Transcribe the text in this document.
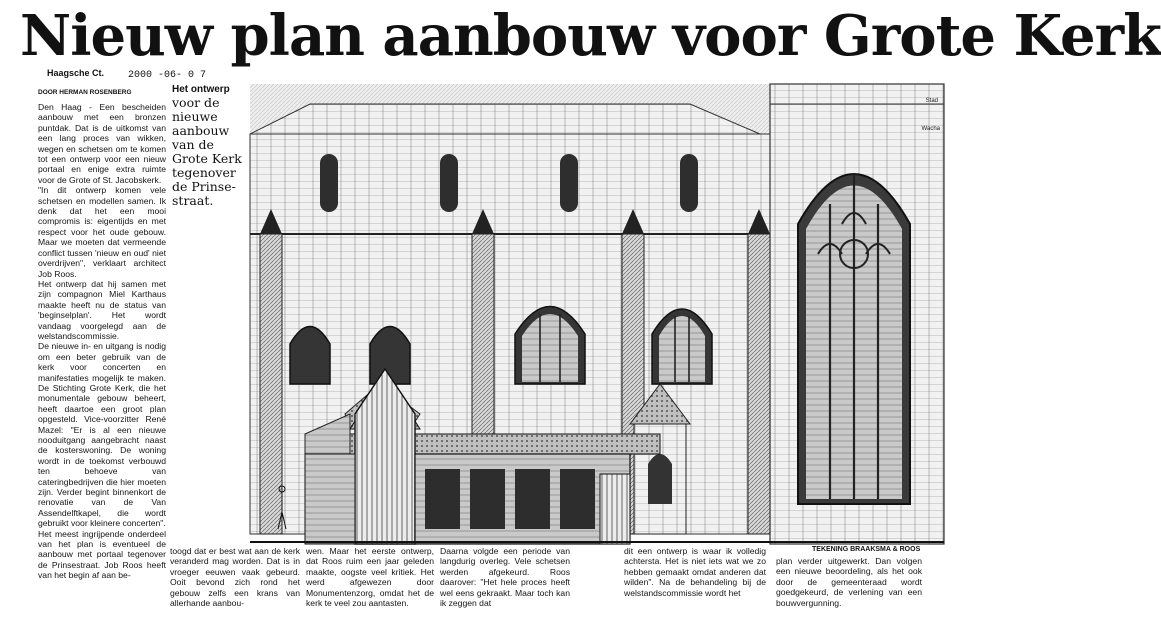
Nieuw plan aanbouw voor Grote Kerk
Haagsche Ct. 2000 -06- 0 7
DOOR HERMAN ROSENBERG

Den Haag - Een bescheiden aanbouw met een bronzen puntdak. Dat is de uitkomst van een lang proces van wikken, wegen en schetsen om te komen tot een ontwerp voor een nieuw portaal en enige extra ruimte voor de Grote of St. Jacobskerk.

"In dit ontwerp komen vele schetsen en modellen samen. Ik denk dat het een mooi compromis is: eigentijds en met respect voor het oude gebouw. Maar we moeten dat vermeende conflict tussen 'nieuw en oud' niet overdrijven", verklaart architect Job Roos.

Het ontwerp dat hij samen met zijn compagnon Miel Karthaus maakte heeft nu de status van 'beginselplan'. Het wordt vandaag voorgelegd aan de welstandscommissie.

De nieuwe in- en uitgang is nodig om een beter gebruik van de kerk voor concerten en manifestaties mogelijk te maken. De Stichting Grote Kerk, die het monumentale gebouw beheert, heeft daartoe een groot plan opgesteld. Vice-voorzitter René Mazel: "Er is al een nieuwe nooduitgang aangebracht naast de kosterswoning. De woning wordt in de toekomst verbouwd ten behoeve van cateringbedrijven die hier moeten zijn. Verder begint binnenkort de renovatie van de Van Assendelftkapel, die wordt gebruikt voor kleinere concerten".

Het meest ingrijpende onderdeel van het plan is eventueel de aanbouw met portaal tegenover de Prinsestraat. Job Roos heeft van het begin af aan be-

Het ontwerp
voor de nieuwe aanbouw van de Grote Kerk tegenover de Prinse-straat.
Stad
Wacha
TEKENING BRAAKSMA & ROOS

toogd dat er best wat aan de kerk veranderd mag worden. Dat is in vroeger eeuwen vaak gebeurd. Ooit bevond zich rond het gebouw zelfs een krans van allerhande aanbou-

wen. Maar het eerste ontwerp, dat Roos ruim een jaar geleden maakte, oogste veel kritiek. Het werd afgewezen door Monumentenzorg, omdat het de kerk te veel zou aantasten.

Daarna volgde een periode van langdurig overleg. Vele schetsen werden afgekeurd. Roos daarover: "Het hele proces heeft wel eens gekraakt. Maar toch kan ik zeggen dat

dit een ontwerp is waar ik volledig achtersta. Het is niet iets wat we zo hebben gemaakt omdat anderen dat wilden". Na de behandeling bij de welstandscommissie wordt het

plan verder uitgewerkt. Dan volgen een nieuwe beoordeling, als het ook door de gemeenteraad wordt goedgekeurd, de verlening van een bouwvergunning.
